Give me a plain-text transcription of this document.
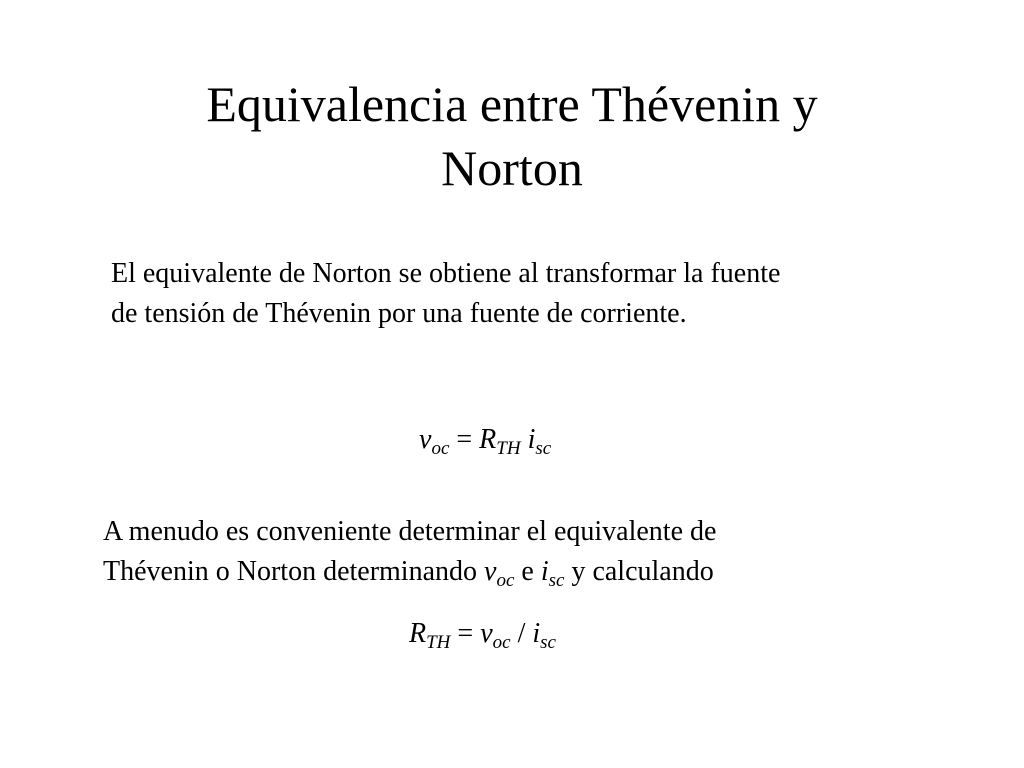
Equivalencia entre Thévenin y
Norton

El equivalente de Norton se obtiene al transformar la fuente
de tensión de Thévenin por una fuente de corriente.

$v_{oc} = R_{TH}$ $i_{sc}$

A menudo es conveniente determinar el equivalente de
Thévenin o Norton determinando $v_{oc}$ e $i_{sc}$ y calculando

$R_{TH} = v_{oc} / i_{sc}$
